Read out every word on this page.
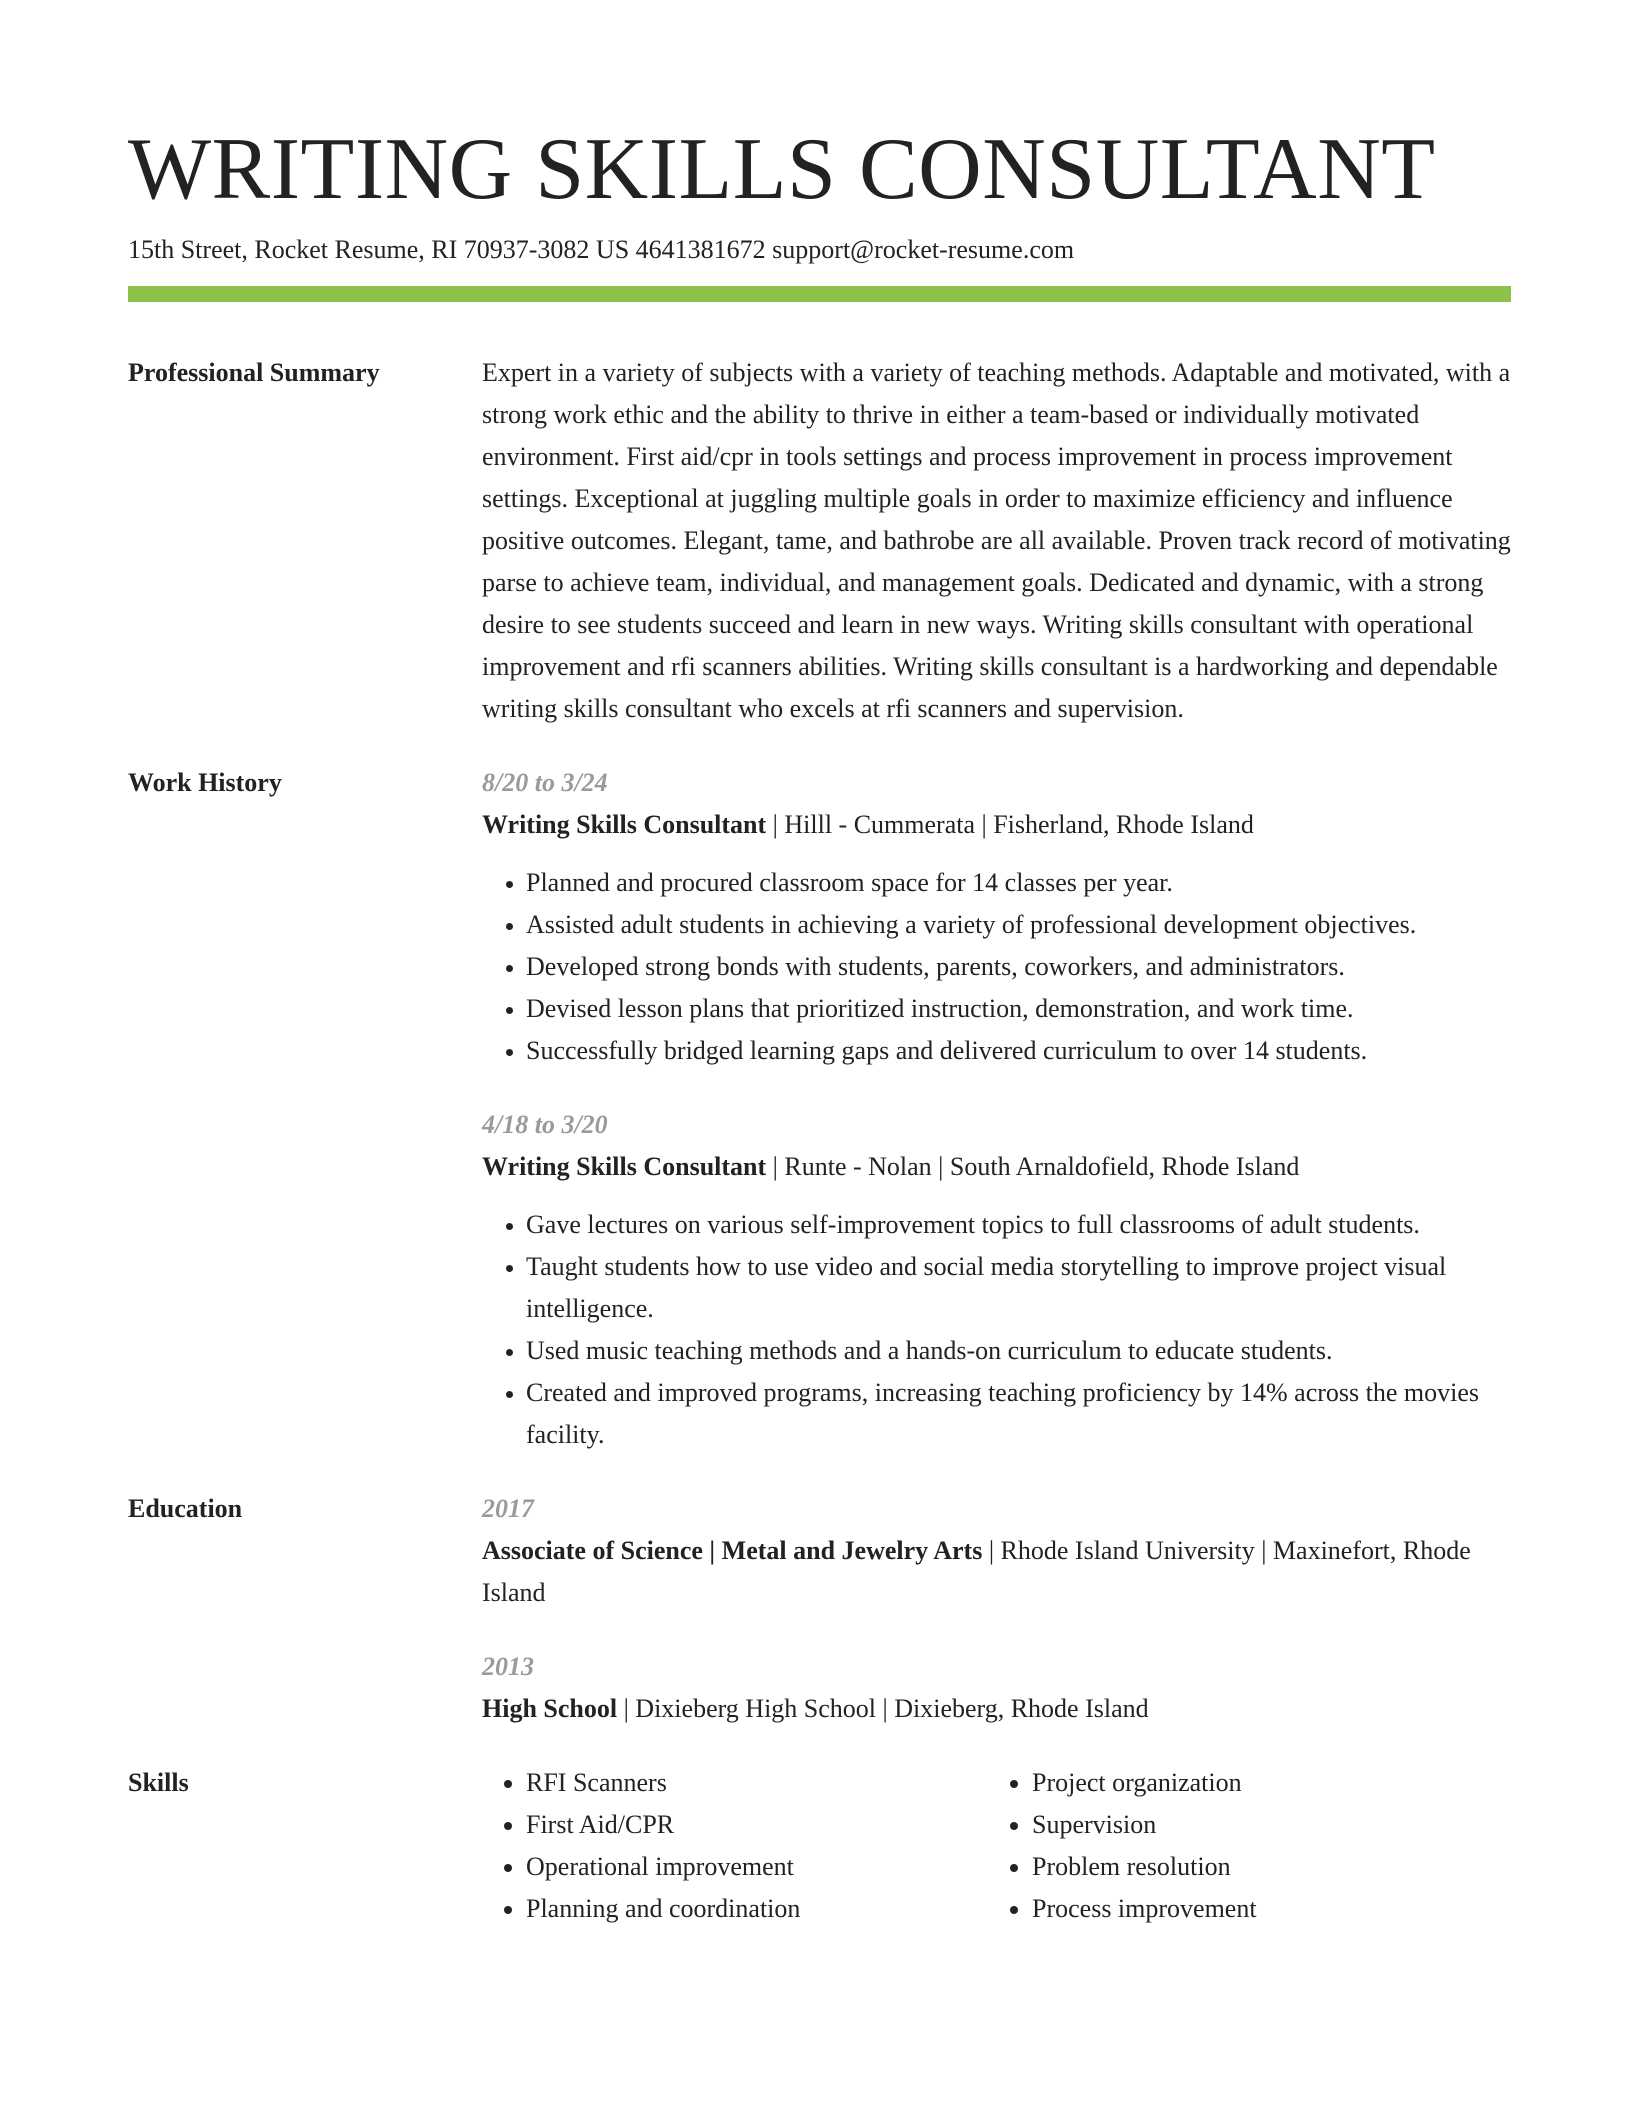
WRITING SKILLS CONSULTANT
15th Street, Rocket Resume, RI 70937-3082 US 4641381672 support@rocket-resume.com
Professional Summary	Expert in a variety of subjects with a variety of teaching methods. Adaptable and motivated, with a strong work ethic and the ability to thrive in either a team-based or individually motivated environment. First aid/cpr in tools settings and process improvement in process improvement settings. Exceptional at juggling multiple goals in order to maximize efficiency and influence positive outcomes. Elegant, tame, and bathrobe are all available. Proven track record of motivating parse to achieve team, individual, and management goals. Dedicated and dynamic, with a strong desire to see students succeed and learn in new ways. Writing skills consultant with operational improvement and rfi scanners abilities. Writing skills consultant is a hardworking and dependable writing skills consultant who excels at rfi scanners and supervision.
Work History	8/20 to 3/24
Writing Skills Consultant | Hilll - Cummerata | Fisherland, Rhode Island
• Planned and procured classroom space for 14 classes per year.
• Assisted adult students in achieving a variety of professional development objectives.
• Developed strong bonds with students, parents, coworkers, and administrators.
• Devised lesson plans that prioritized instruction, demonstration, and work time.
• Successfully bridged learning gaps and delivered curriculum to over 14 students.
4/18 to 3/20
Writing Skills Consultant | Runte - Nolan | South Arnaldofield, Rhode Island
• Gave lectures on various self-improvement topics to full classrooms of adult students.
• Taught students how to use video and social media storytelling to improve project visual intelligence.
• Used music teaching methods and a hands-on curriculum to educate students.
• Created and improved programs, increasing teaching proficiency by 14% across the movies facility.
Education	2017
Associate of Science | Metal and Jewelry Arts | Rhode Island University | Maxinefort, Rhode Island
2013
High School | Dixieberg High School | Dixieberg, Rhode Island
Skills
•	RFI Scanners
• First Aid/CPR
• Operational improvement
• Planning and coordination
• Project organization
• Supervision
• Problem resolution
• Process improvement
